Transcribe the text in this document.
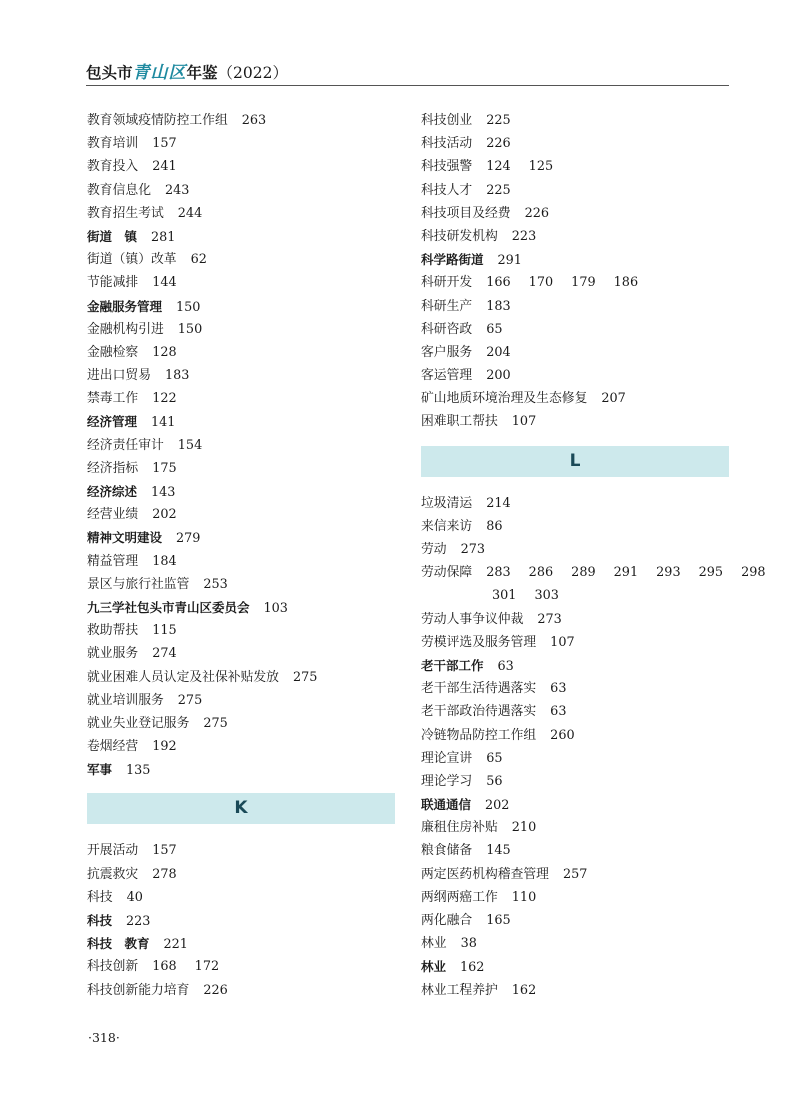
包头市青山区年鉴（2022）
教育领域疫情防控工作组 263
教育培训 157
教育投入 241
教育信息化 243
教育招生考试 244
街道　镇 281
街道（镇）改革 62
节能减排 144
金融服务管理 150
金融机构引进 150
金融检察 128
进出口贸易 183
禁毒工作 122
经济管理 141
经济责任审计 154
经济指标 175
经济综述 143
经营业绩 202
精神文明建设 279
精益管理 184
景区与旅行社监管 253
九三学社包头市青山区委员会 103
救助帮扶 115
就业服务 274
就业困难人员认定及社保补贴发放 275
就业培训服务 275
就业失业登记服务 275
卷烟经营 192
军事 135
K
开展活动 157
抗震救灾 278
科技 40
科技 223
科技　教育 221
科技创新 168 172
科技创新能力培育 226
科技创业 225
科技活动 226
科技强警 124 125
科技人才 225
科技项目及经费 226
科技研发机构 223
科学路街道 291
科研开发 166 170 179 186
科研生产 183
科研咨政 65
客户服务 204
客运管理 200
矿山地质环境治理及生态修复 207
困难职工帮扶 107
L
垃圾清运 214
来信来访 86
劳动 273
劳动保障 283 286 289 291 293 295 298
301 303
劳动人事争议仲裁 273
劳模评选及服务管理 107
老干部工作 63
老干部生活待遇落实 63
老干部政治待遇落实 63
冷链物品防控工作组 260
理论宣讲 65
理论学习 56
联通通信 202
廉租住房补贴 210
粮食储备 145
两定医药机构稽查管理 257
两纲两癌工作 110
两化融合 165
林业 38
林业 162
林业工程养护 162
·318·
